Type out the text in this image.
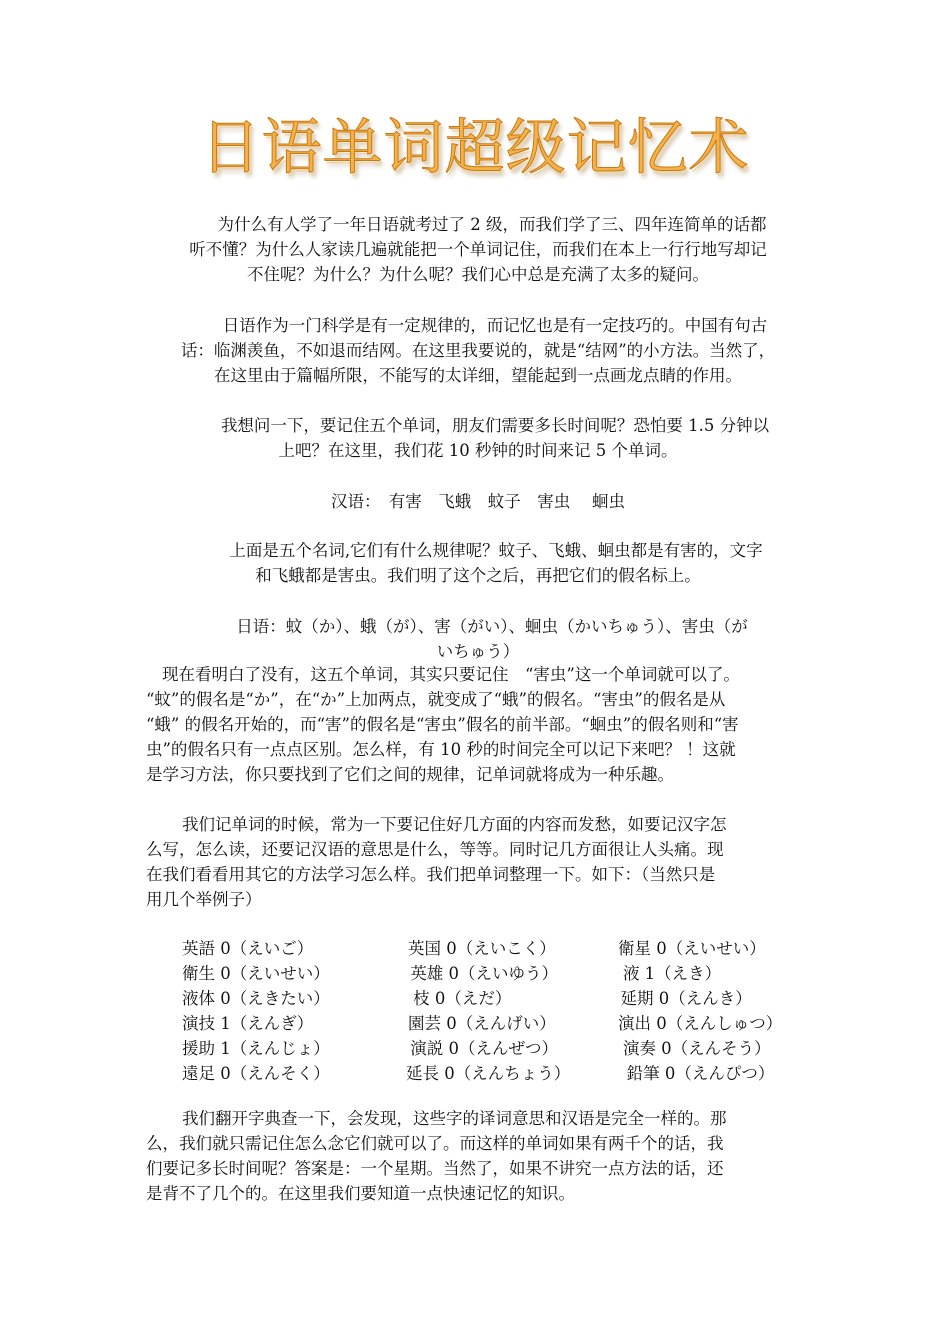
日语单词超级记忆术
为什么有人学了一年日语就考过了 2 级，而我们学了三、四年连简单的话都
听不懂？为什么人家读几遍就能把一个单词记住，而我们在本上一行行地写却记
不住呢？为什么？为什么呢？我们心中总是充满了太多的疑问。
日语作为一门科学是有一定规律的，而记忆也是有一定技巧的。中国有句古
话：临渊羡鱼，不如退而结网。在这里我要说的，就是“结网”的小方法。当然了，
在这里由于篇幅所限，不能写的太详细，望能起到一点画龙点睛的作用。
我想问一下，要记住五个单词，朋友们需要多长时间呢？恐怕要 1.5 分钟以
上吧？在这里，我们花 10 秒钟的时间来记 5 个单词。
汉语：　有害　飞蛾　蚊子　害虫　 蛔虫
上面是五个名词,它们有什么规律呢？蚊子、飞蛾、蛔虫都是有害的，文字
和飞蛾都是害虫。我们明了这个之后，再把它们的假名标上。
日语：蚊（か）、蛾（が）、害（がい）、蛔虫（かいちゅう）、害虫（が
いちゅう）
现在看明白了没有，这五个单词，其实只要记住　“害虫”这一个单词就可以了。
“蚊”的假名是“か”，在“か”上加两点，就变成了“蛾”的假名。“害虫”的假名是从
“蛾” 的假名开始的，而“害”的假名是“害虫”假名的前半部。“蛔虫”的假名则和“害
虫”的假名只有一点点区别。怎么样，有 10 秒的时间完全可以记下来吧？ ！这就
是学习方法，你只要找到了它们之间的规律，记单词就将成为一种乐趣。
我们记单词的时候，常为一下要记住好几方面的内容而发愁，如要记汉字怎
么写，怎么读，还要记汉语的意思是什么，等等。同时记几方面很让人头痛。现
在我们看看用其它的方法学习怎么样。我们把单词整理一下。如下：（当然只是
用几个举例子）
英語 0（えいご）	英国 0（えいこく）	衛星 0（えいせい）
衛生 0（えいせい）	英雄 0（えいゆう）	液 1（えき）
液体 0（えきたい）	枝 0（えだ）	延期 0（えんき）
演技 1（えんぎ）	園芸 0（えんげい）	演出 0（えんしゅつ）
援助 1（えんじょ）	演説 0（えんぜつ）	演奏 0（えんそう）
遠足 0（えんそく）	延長 0（えんちょう）	鉛筆 0（えんぴつ）
我们翻开字典查一下，会发现，这些字的译词意思和汉语是完全一样的。那
么，我们就只需记住怎么念它们就可以了。而这样的单词如果有两千个的话，我
们要记多长时间呢？答案是：一个星期。当然了，如果不讲究一点方法的话，还
是背不了几个的。在这里我们要知道一点快速记忆的知识。
